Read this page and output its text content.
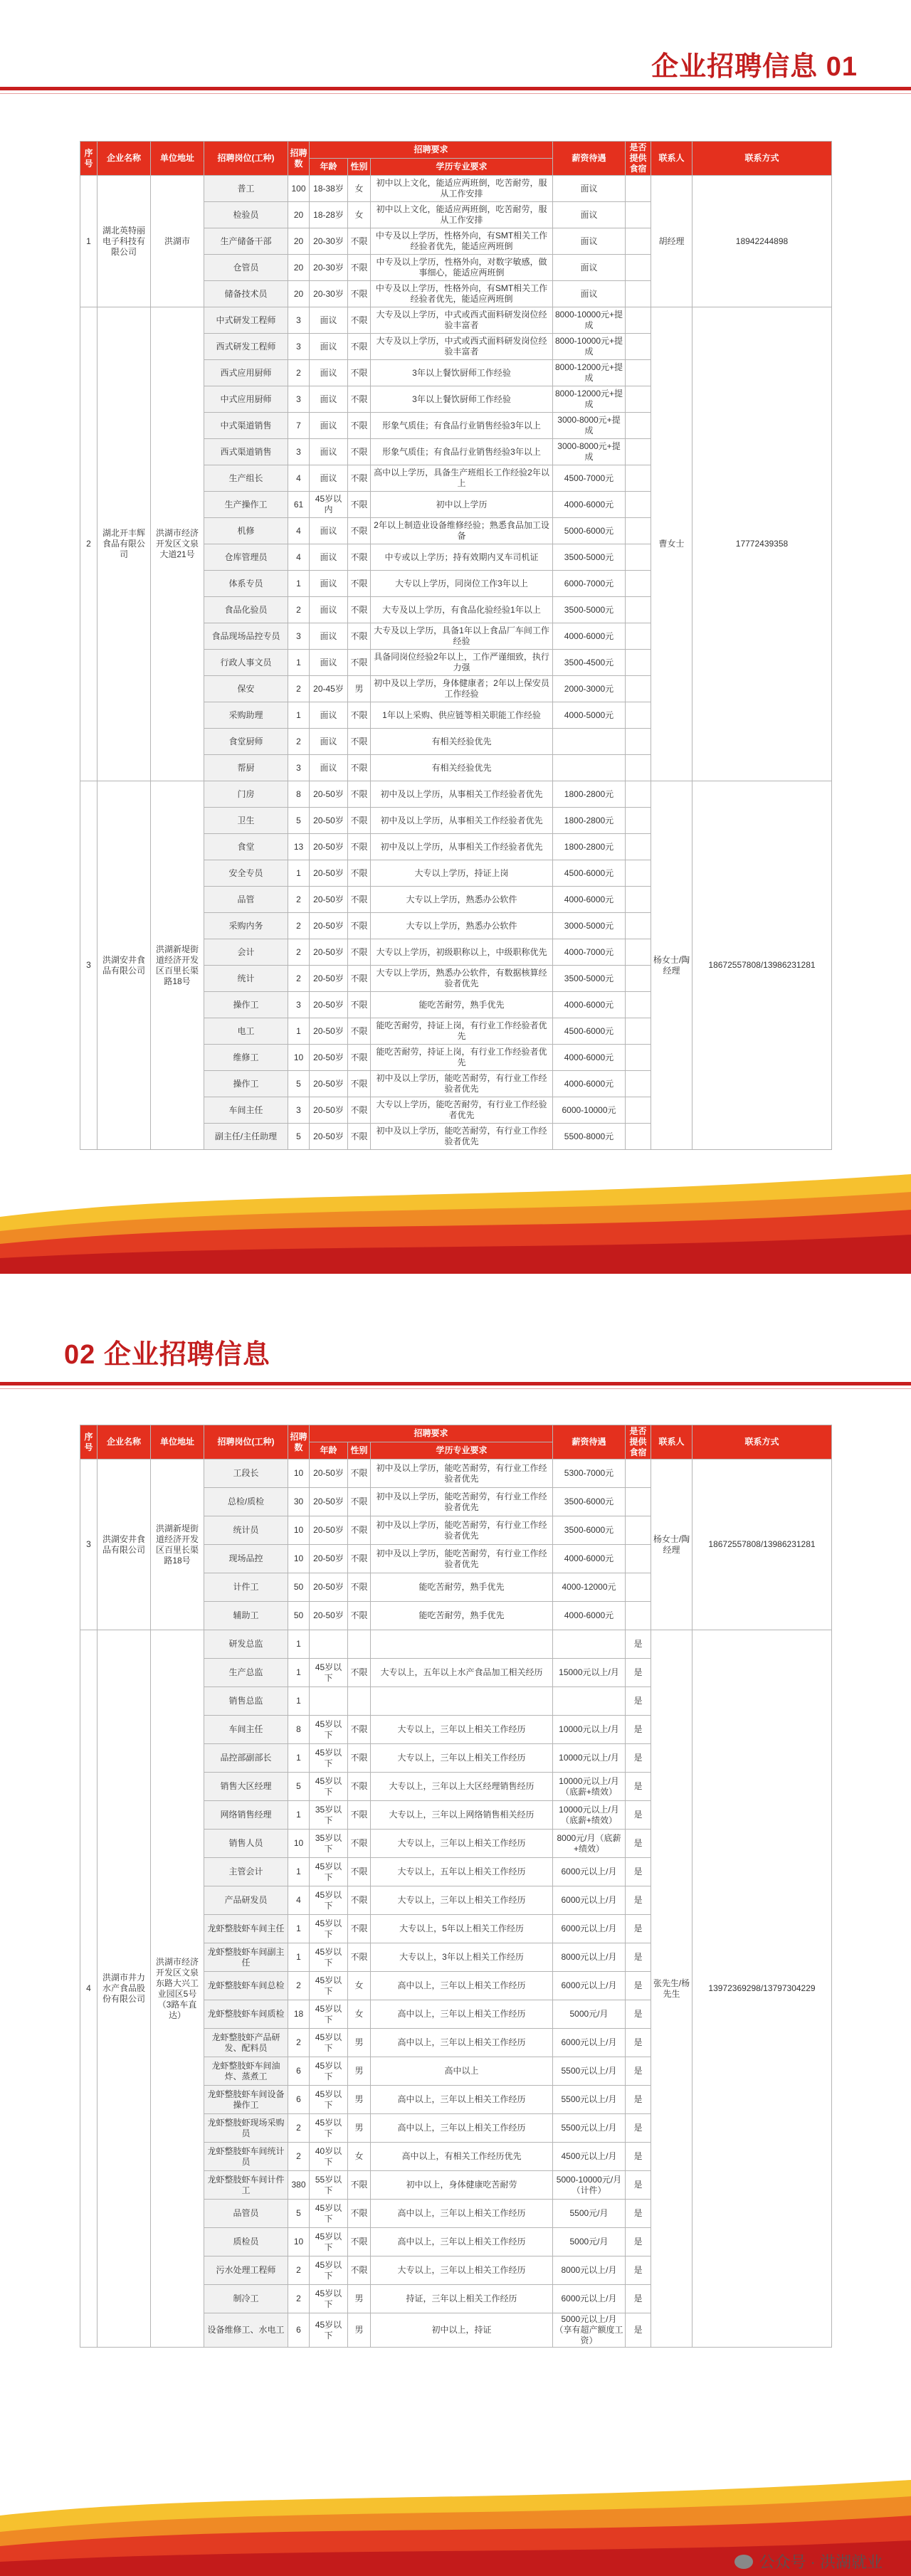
企业招聘信息 01
序号	企业名称	单位地址	招聘岗位(工种)	招聘数	招聘要求			薪资待遇	是否提供食宿	联系人	联系方式
					年龄	性别	学历专业要求				
1	湖北英特丽电子科技有限公司	洪湖市	普工	100	18-38岁	女	初中以上文化，能适应两班倒，吃苦耐劳，服从工作安排	面议		胡经理	18942244898
			检验员	20	18-28岁	女	初中以上文化，能适应两班倒，吃苦耐劳，服从工作安排	面议			
			生产储备干部	20	20-30岁	不限	中专及以上学历，性格外向，有SMT相关工作经验者优先，能适应两班倒	面议			
			仓管员	20	20-30岁	不限	中专及以上学历，性格外向，对数字敏感，做事细心，能适应两班倒	面议			
			储备技术员	20	20-30岁	不限	中专及以上学历，性格外向，有SMT相关工作经验者优先，能适应两班倒	面议			
2	湖北开丰辉食品有限公司	洪湖市经济开发区文泉大道21号	中式研发工程师	3	面议	不限	大专及以上学历，中式或西式面料研发岗位经验丰富者	8000-10000元+提成		曹女士	17772439358
			西式研发工程师	3	面议	不限	大专及以上学历，中式或西式面料研发岗位经验丰富者	8000-10000元+提成			
			西式应用厨师	2	面议	不限	3年以上餐饮厨师工作经验	8000-12000元+提成			
			中式应用厨师	3	面议	不限	3年以上餐饮厨师工作经验	8000-12000元+提成			
			中式渠道销售	7	面议	不限	形象气质佳；有食品行业销售经验3年以上	3000-8000元+提成			
			西式渠道销售	3	面议	不限	形象气质佳；有食品行业销售经验3年以上	3000-8000元+提成			
			生产组长	4	面议	不限	高中以上学历，具备生产班组长工作经验2年以上	4500-7000元			
			生产操作工	61	45岁以内	不限	初中以上学历	4000-6000元			
			机修	4	面议	不限	2年以上制造业设备维修经验；熟悉食品加工设备	5000-6000元			
			仓库管理员	4	面议	不限	中专或以上学历；持有效期内叉车司机证	3500-5000元			
			体系专员	1	面议	不限	大专以上学历，同岗位工作3年以上	6000-7000元			
			食品化验员	2	面议	不限	大专及以上学历，有食品化验经验1年以上	3500-5000元			
			食品现场品控专员	3	面议	不限	大专及以上学历，具备1年以上食品厂车间工作经验	4000-6000元			
			行政人事文员	1	面议	不限	具备同岗位经验2年以上，工作严谨细致，执行力强	3500-4500元			
			保安	2	20-45岁	男	初中及以上学历，身体健康者；2年以上保安员工作经验	2000-3000元			
			采购助理	1	面议	不限	1年以上采购、供应链等相关职能工作经验	4000-5000元			
			食堂厨师	2	面议	不限	有相关经验优先				
			帮厨	3	面议	不限	有相关经验优先				
3	洪湖安井食品有限公司	洪湖新堤街道经济开发区百里长渠路18号	门房	8	20-50岁	不限	初中及以上学历，从事相关工作经验者优先	1800-2800元		杨女士/陶经理	18672557808/13986231281
			卫生	5	20-50岁	不限	初中及以上学历，从事相关工作经验者优先	1800-2800元			
			食堂	13	20-50岁	不限	初中及以上学历，从事相关工作经验者优先	1800-2800元			
			安全专员	1	20-50岁	不限	大专以上学历，持证上岗	4500-6000元			
			品管	2	20-50岁	不限	大专以上学历，熟悉办公软件	4000-6000元			
			采购内务	2	20-50岁	不限	大专以上学历，熟悉办公软件	3000-5000元			
			会计	2	20-50岁	不限	大专以上学历，初级职称以上，中级职称优先	4000-7000元			
			统计	2	20-50岁	不限	大专以上学历，熟悉办公软件，有数据核算经验者优先	3500-5000元			
			操作工	3	20-50岁	不限	能吃苦耐劳，熟手优先	4000-6000元			
			电工	1	20-50岁	不限	能吃苦耐劳，持证上岗，有行业工作经验者优先	4500-6000元			
			维修工	10	20-50岁	不限	能吃苦耐劳，持证上岗，有行业工作经验者优先	4000-6000元			
			操作工	5	20-50岁	不限	初中及以上学历，能吃苦耐劳，有行业工作经验者优先	4000-6000元			
			车间主任	3	20-50岁	不限	大专以上学历，能吃苦耐劳，有行业工作经验者优先	6000-10000元			
			副主任/主任助理	5	20-50岁	不限	初中及以上学历，能吃苦耐劳，有行业工作经验者优先	5500-8000元			
02 企业招聘信息
序号	企业名称	单位地址	招聘岗位(工种)	招聘数	招聘要求			薪资待遇	是否提供食宿	联系人	联系方式
					年龄	性别	学历专业要求				
3	洪湖安井食品有限公司	洪湖新堤街道经济开发区百里长渠路18号	工段长	10	20-50岁	不限	初中及以上学历，能吃苦耐劳，有行业工作经验者优先	5300-7000元		杨女士/陶经理	18672557808/13986231281
			总检/质检	30	20-50岁	不限	初中及以上学历，能吃苦耐劳，有行业工作经验者优先	3500-6000元			
			统计员	10	20-50岁	不限	初中及以上学历，能吃苦耐劳，有行业工作经验者优先	3500-6000元			
			现场品控	10	20-50岁	不限	初中及以上学历，能吃苦耐劳，有行业工作经验者优先	4000-6000元			
			计件工	50	20-50岁	不限	能吃苦耐劳，熟手优先	4000-12000元			
			辅助工	50	20-50岁	不限	能吃苦耐劳，熟手优先	4000-6000元			
4	洪湖市井力水产食品股份有限公司	洪湖市经济开发区文泉东路大兴工业园区5号（3路车直达）	研发总监	1					是	张先生/杨先生	13972369298/13797304229
			生产总监	1	45岁以下	不限	大专以上，五年以上水产食品加工相关经历	15000元以上/月	是		
			销售总监	1					是		
			车间主任	8	45岁以下	不限	大专以上，三年以上相关工作经历	10000元以上/月	是		
			品控部副部长	1	45岁以下	不限	大专以上，三年以上相关工作经历	10000元以上/月	是		
			销售大区经理	5	45岁以下	不限	大专以上，三年以上大区经理销售经历	10000元以上/月（底薪+绩效）	是		
			网络销售经理	1	35岁以下	不限	大专以上，三年以上网络销售相关经历	10000元以上/月（底薪+绩效）	是		
			销售人员	10	35岁以下	不限	大专以上，三年以上相关工作经历	8000元/月（底薪+绩效）	是		
			主管会计	1	45岁以下	不限	大专以上，五年以上相关工作经历	6000元以上/月	是		
			产品研发员	4	45岁以下	不限	大专以上，三年以上相关工作经历	6000元以上/月	是		
			龙虾整肢虾车间主任	1	45岁以下	不限	大专以上，5年以上相关工作经历	6000元以上/月	是		
			龙虾整肢虾车间副主任	1	45岁以下	不限	大专以上，3年以上相关工作经历	8000元以上/月	是		
			龙虾整肢虾车间总检	2	45岁以下	女	高中以上，三年以上相关工作经历	6000元以上/月	是		
			龙虾整肢虾车间质检	18	45岁以下	女	高中以上，三年以上相关工作经历	5000元/月	是		
			龙虾整肢虾产品研发、配料员	2	45岁以下	男	高中以上，三年以上相关工作经历	6000元以上/月	是		
			龙虾整肢虾车间油炸、蒸煮工	6	45岁以下	男	高中以上	5500元以上/月	是		
			龙虾整肢虾车间设备操作工	6	45岁以下	男	高中以上，三年以上相关工作经历	5500元以上/月	是		
			龙虾整肢虾现场采购员	2	45岁以下	男	高中以上，三年以上相关工作经历	5500元以上/月	是		
			龙虾整肢虾车间统计员	2	40岁以下	女	高中以上，有相关工作经历优先	4500元以上/月	是		
			龙虾整肢虾车间计件工	380	55岁以下	不限	初中以上，身体健康吃苦耐劳	5000-10000元/月（计件）	是		
			品管员	5	45岁以下	不限	高中以上，三年以上相关工作经历	5500元/月	是		
			质检员	10	45岁以下	不限	高中以上，三年以上相关工作经历	5000元/月	是		
			污水处理工程师	2	45岁以下	不限	大专以上，三年以上相关工作经历	8000元以上/月	是		
			制冷工	2	45岁以下	男	持证，三年以上相关工作经历	6000元以上/月	是		
			设备维修工、水电工	6	45岁以下	男	初中以上，持证	5000元以上/月（享有超产额度工资）	是		
公众号 · 洪湖就业
